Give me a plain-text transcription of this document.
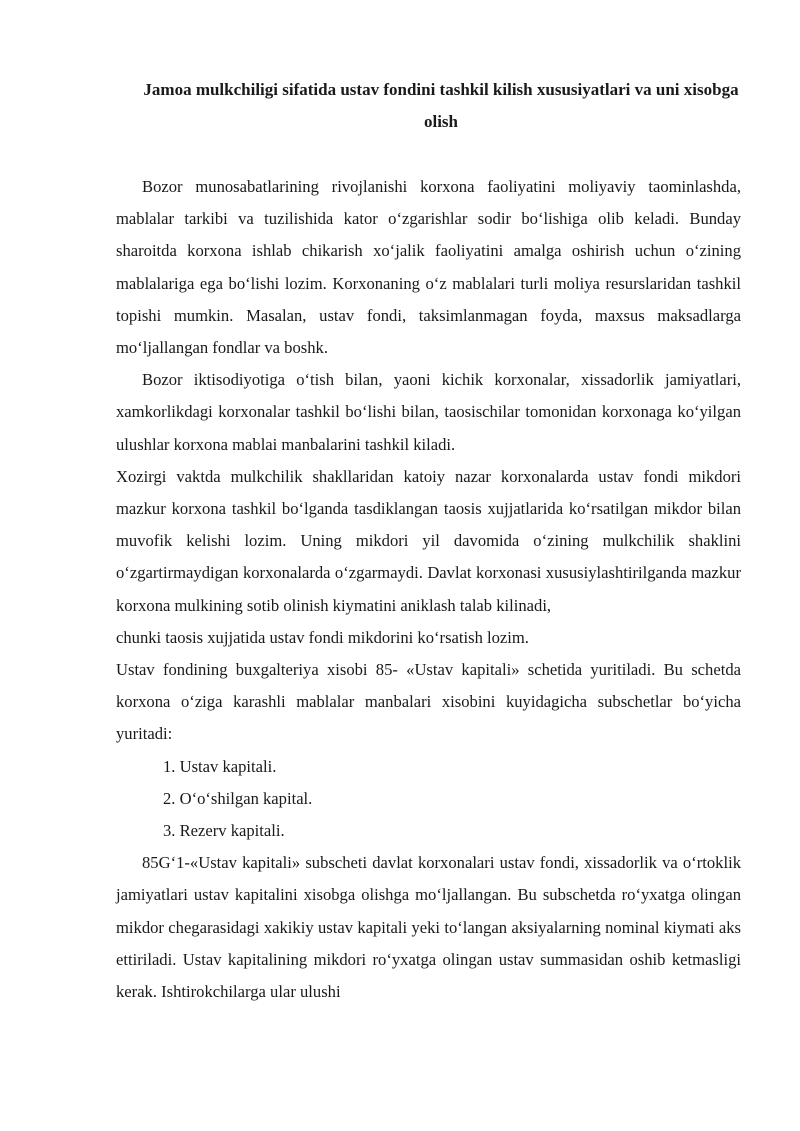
Jamoa mulkchiligi sifatida ustav fondini tashkil kilish xususiyatlari va uni xisobga olish

Bozor munosabatlarining rivojlanishi korxona faoliyatini moliyaviy taominlashda, mablalar tarkibi va tuzilishida kator o‘zgarishlar sodir bo‘lishiga olib keladi. Bunday sharoitda korxona ishlab chikarish xo‘jalik faoliyatini amalga oshirish uchun o‘zining mablalariga ega bo‘lishi lozim. Korxonaning o‘z mablalari turli moliya resurslaridan tashkil topishi mumkin. Masalan, ustav fondi, taksimlanmagan foyda, maxsus maksadlarga mo‘ljallangan fondlar va boshk.

Bozor iktisodiyotiga o‘tish bilan, yaoni kichik korxonalar, xissadorlik jamiyatlari, xamkorlikdagi korxonalar tashkil bo‘lishi bilan, taosischilar tomonidan korxonaga ko‘yilgan ulushlar korxona mablai manbalarini tashkil kiladi.

Xozirgi vaktda mulkchilik shakllaridan katoiy nazar korxonalarda ustav fondi mikdori mazkur korxona tashkil bo‘lganda tasdiklangan taosis xujjatlarida ko‘rsatilgan mikdor bilan muvofik kelishi lozim. Uning mikdori yil davomida o‘zining mulkchilik shaklini o‘zgartirmaydigan korxonalarda o‘zgarmaydi. Davlat korxonasi xususiylashtirilganda mazkur korxona mulkining sotib olinish kiymatini aniklash talab kilinadi,

chunki taosis xujjatida ustav fondi mikdorini ko‘rsatish lozim.

Ustav fondining buxgalteriya xisobi 85- «Ustav kapitali» schetida yuritiladi. Bu schetda korxona o‘ziga karashli mablalar manbalari xisobini kuyidagicha subschetlar bo‘yicha yuritadi:

1. Ustav kapitali.

2. O‘o‘shilgan kapital.

3. Rezerv kapitali.

85G‘1-«Ustav kapitali» subscheti davlat korxonalari ustav fondi, xissadorlik va o‘rtoklik jamiyatlari ustav kapitalini xisobga olishga mo‘ljallangan. Bu subschetda ro‘yxatga olingan mikdor chegarasidagi xakikiy ustav kapitali yeki to‘langan aksiyalarning nominal kiymati aks ettiriladi. Ustav kapitalining mikdori ro‘yxatga olingan ustav summasidan oshib ketmasligi kerak. Ishtirokchilarga ular ulushi
